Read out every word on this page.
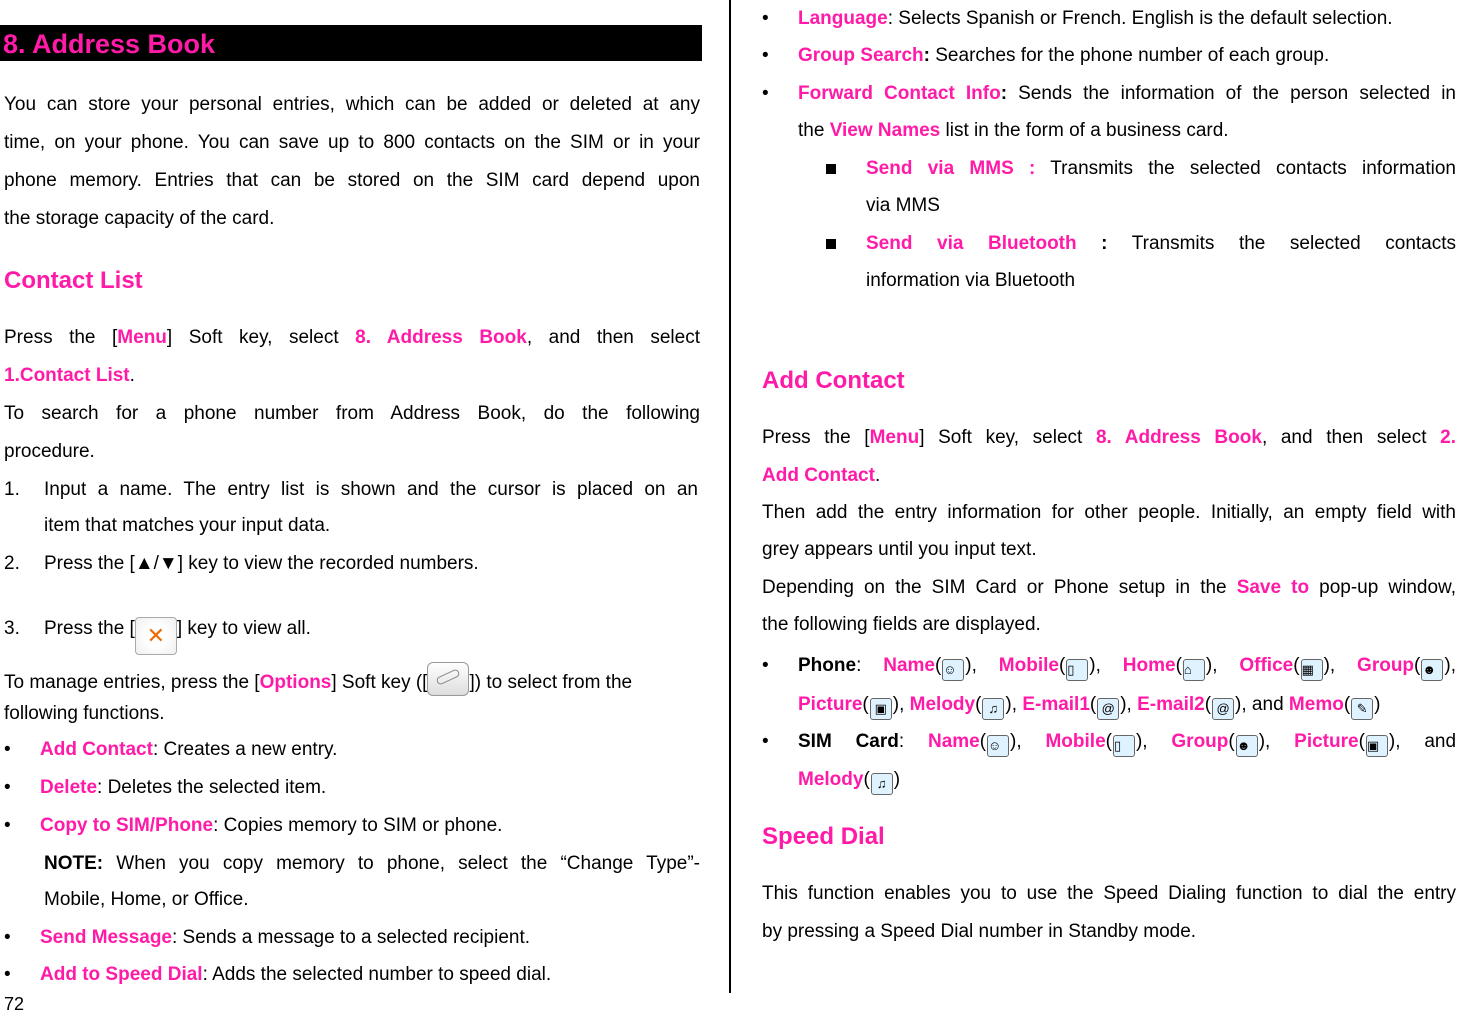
8. Address Book

You can store your personal entries, which can be added or deleted at any

time, on your phone. You can save up to 800 contacts on the SIM or in your

phone memory. Entries that can be stored on the SIM card depend upon

the storage capacity of the card.

Contact List

Press the [Menu] Soft key, select 8. Address Book, and then select

1.Contact List.

To search for a phone number from Address Book, do the following

procedure.

1. Input a name. The entry list is shown and the cursor is placed on an
item that matches your input data.
2. Press the [▲/▼] key to view the recorded numbers.
3. Press the [ ✕ ] key to view all.
To manage entries, press the [Options] Soft key ([ ]) to select from the
following functions.
• Add Contact: Creates a new entry.
• Delete: Deletes the selected item.
• Copy to SIM/Phone: Copies memory to SIM or phone.
NOTE: When you copy memory to phone, select the “Change Type”-
Mobile, Home, or Office.
• Send Message: Sends a message to a selected recipient.
• Add to Speed Dial: Adds the selected number to speed dial.
72
• Language: Selects Spanish or French. English is the default selection.
• Group Search: Searches for the phone number of each group.
• Forward Contact Info: Sends the information of the person selected in
the View Names list in the form of a business card.
Send via MMS : Transmits the selected contacts information
via MMS
Send via Bluetooth : Transmits the selected contacts
information via Bluetooth
Add Contact

Press the [Menu] Soft key, select 8. Address Book, and then select 2.

Add Contact.

Then add the entry information for other people. Initially, an empty field with

grey appears until you input text.

Depending on the SIM Card or Phone setup in the Save to pop-up window,

the following fields are displayed.

• Phone: Name( ☺ ), Mobile( ▯ ), Home( ⌂ ), Office( ▦ ), Group( ☻ ),
Picture( ▣ ), Melody( ♫ ), E-mail1( @ ), E-mail2( @ ), and Memo( ✎ )
• SIM Card: Name( ☺ ), Mobile( ▯ ), Group( ☻ ), Picture( ▣ ), and
Melody( ♫ )
Speed Dial

This function enables you to use the Speed Dialing function to dial the entry

by pressing a Speed Dial number in Standby mode.
